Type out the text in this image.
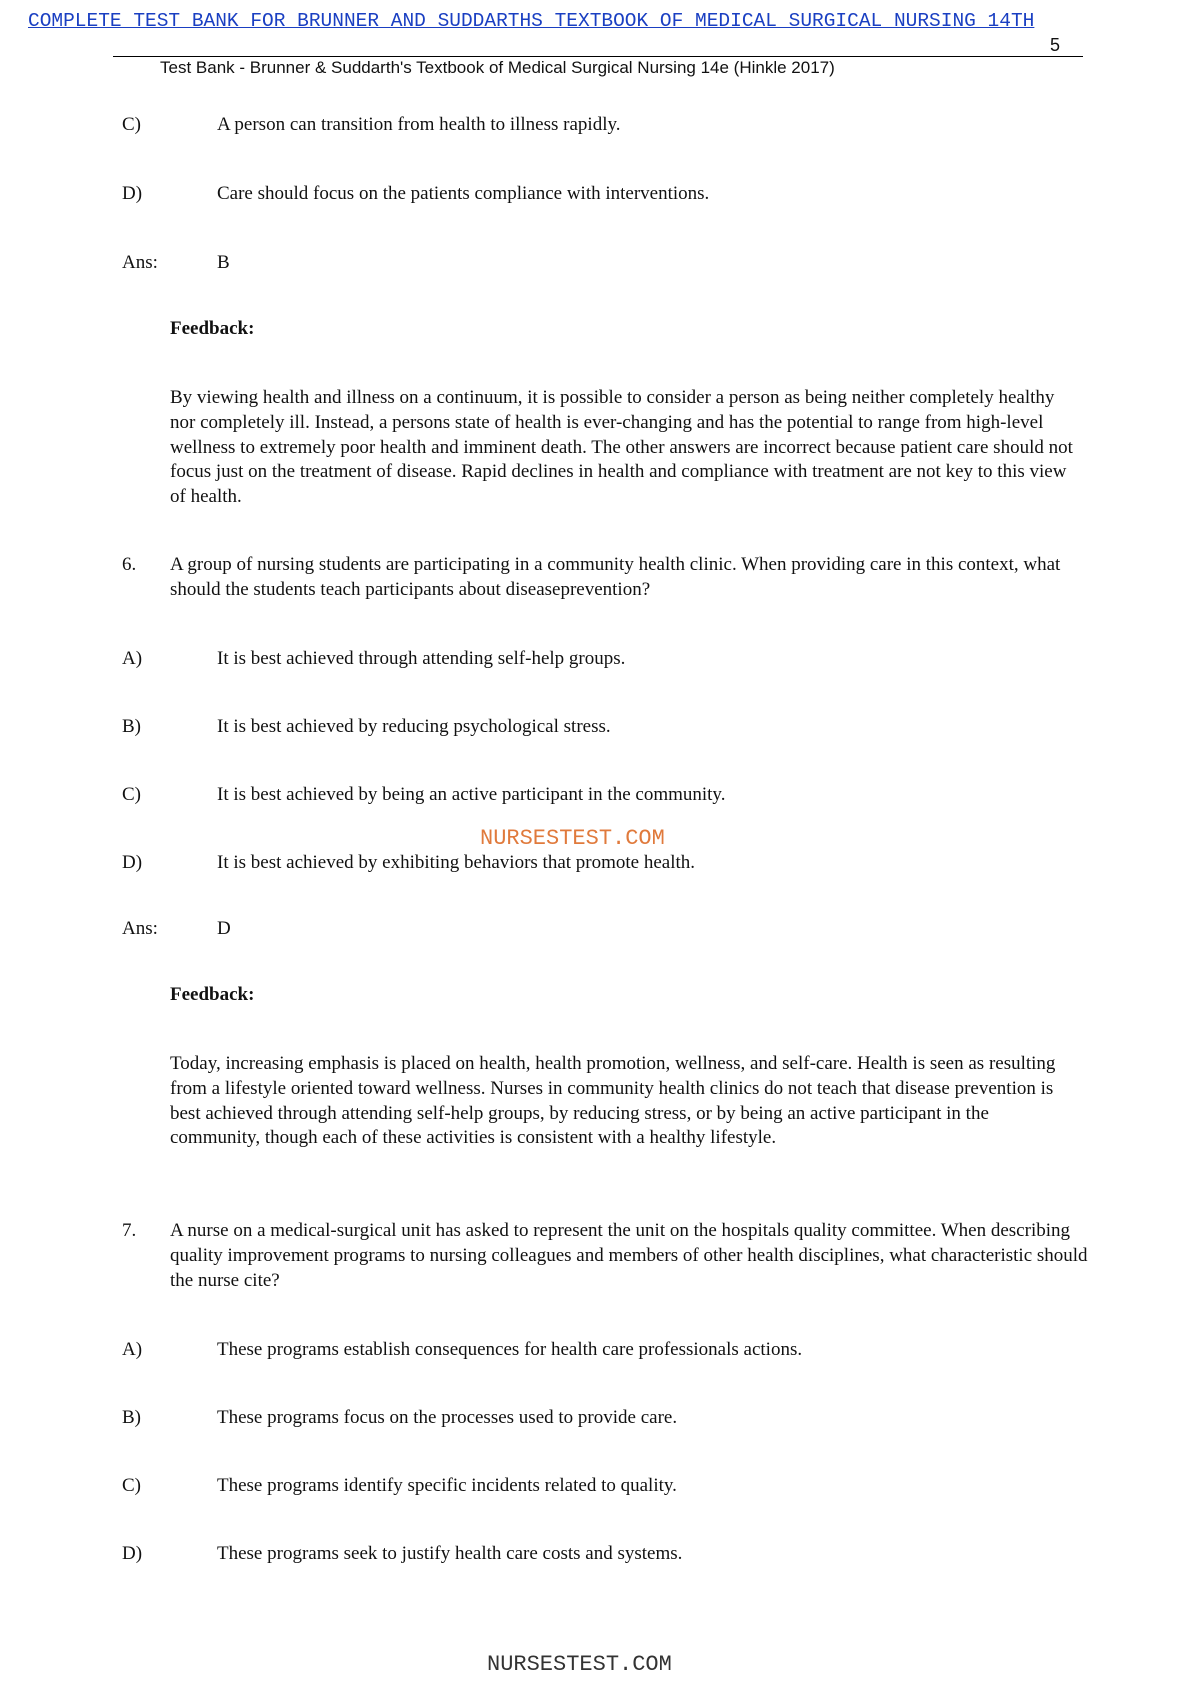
COMPLETE TEST BANK FOR BRUNNER AND SUDDARTHS TEXTBOOK OF MEDICAL SURGICAL NURSING 14TH
5
Test Bank - Brunner & Suddarth's Textbook of Medical Surgical Nursing 14e (Hinkle 2017)
C)	A person can transition from health to illness rapidly.
D)	Care should focus on the patients compliance with interventions.
Ans:	B
Feedback:
By viewing health and illness on a continuum, it is possible to consider a person as being neither completely healthy nor completely ill. Instead, a persons state of health is ever-changing and has the potential to range from high-level wellness to extremely poor health and imminent death. The other answers are incorrect because patient care should not focus just on the treatment of disease. Rapid declines in health and compliance with treatment are not key to this view of health.
6. A group of nursing students are participating in a community health clinic. When providing care in this context, what should the students teach participants about diseaseprevention?
A)	It is best achieved through attending self-help groups.
B)	It is best achieved by reducing psychological stress.
C)	It is best achieved by being an active participant in the community.
NURSESTEST.COM
D)	It is best achieved by exhibiting behaviors that promote health.
Ans:	D
Feedback:
Today, increasing emphasis is placed on health, health promotion, wellness, and self-care. Health is seen as resulting from a lifestyle oriented toward wellness. Nurses in community health clinics do not teach that disease prevention is best achieved through attending self-help groups, by reducing stress, or by being an active participant in the community, though each of these activities is consistent with a healthy lifestyle.
7. A nurse on a medical-surgical unit has asked to represent the unit on the hospitals quality committee. When describing quality improvement programs to nursing colleagues and members of other health disciplines, what characteristic should the nurse cite?
A)	These programs establish consequences for health care professionals actions.
B)	These programs focus on the processes used to provide care.
C)	These programs identify specific incidents related to quality.
D)	These programs seek to justify health care costs and systems.
NURSESTEST.COM
